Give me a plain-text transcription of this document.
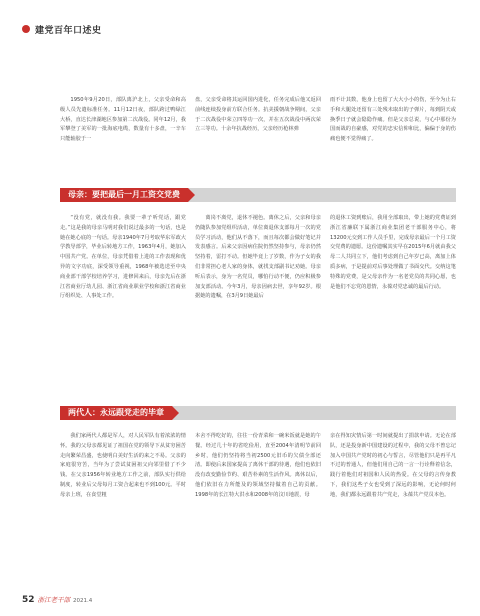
建党百年口述史

1950年9月20日，部队离沪北上，父亲受命和高级人员先遣标准任务。11月12日夜，部队跨过鸭绿江大桥，直达长津湖地区参加第二次战役。同年12月，我军攀登了美军的一批海底电缆，数量有十多盘，一辛车只能轴胶于一

盘，父亲受命将其运回国内进化，任务完成后他又返回前线连续投身前方联合任务。抗美援朝战争期间，父亲于二次战役中荣立四等功一次，并在五次战役中两次荣立三等功。十余年抗战经历，父亲经历枪林弹

雨不计其数，他身上也留了大大小小的伤，至今为止右手和大腿处还留有三处残未取出的子弹片，每到阴天或换季日子就会隐隐作痛。但是父亲总说，与心中那份为国而战的自豪感，对党的忠实信仰和比，偏偏于身的伤痛也便不觉得痛了。

母亲：要把最后一月工资交党费

“没有党，就没有我。我要一辈子听党话，跟党走。”这是我的母亲马明对我们说过最多的一句话，也是她在她心底的一句话。母亲1940年7月考取华东军政大学教导部学，毕业后转地方工作，1963年4月，她加入中国共产党。在单位，母亲凭借着上进的工作表现和优异的文字功底，深受领导重视，1968年被选送至中央商业部干部学校培养学习，进修回来后，母亲先后在浙江省商业厅幼儿园、浙江省商业职业学校和浙江省商业厅组织处、人事处工作。

离岗不离党，退休不褪色。离休之后，父亲和母亲仍随队参加党组织活动，单位离退休支部每月一次的党员学习活动，他们从不落下，而且每次都会做好笔记并发表感言。后来父亲因病住院仍然坚持参与，母亲仍然坚持着，雷打不动。但她毕竟上了岁数，作为子女的我们非常担心老人家的身体，就找支部副书记劝她。母亲听后表示，身为一名党员，哪怕行动不便，仍应积极参加支部活动。今年3月，母亲因病去世，享年92岁。根据她的遗嘱，在3月9日她最后

的退休工资到账后，我用全部取出，带上她的党费证到浙江省廉联下属浙江商业集团老干部服务中心，将13200元交到工作人员手里，完成母亲最后一个月工资交党费的遗愿。这份遗嘱其实早在2015年6月就由我父母二人共同立下，他们考虑到自己年岁已高，离加上体质多病，于是提前对后事处理做了书面交代。交纳这笔特殊的党费，是父母亲作为一名老党员的共同心愿，也是他们不忘党的恩情，永葆对党忠诚的最后行动。

两代人：永远跟党走的毕章

我们家两代人都是军人，对人民军队有着浓浓的情怀。我的父母亲都见证了祖国在党的领导下从贫穷困苦走向繁荣昌盛，也使明白美好生活的来之不易。父亲的家庭很穷苦，当年为了尝试贫困祖父向邻里借了不少钱。在父亲1956年转业地方工作之前，部队实行供给制度，转业后父母每月工资合起来也不到100元。平时母亲上班，在食堂粗

本舍不得吃好的，往往一份青菜和一碗米饭就是她的午餐。经过几十年的省吃俭用，直至2004年清明节前回乡时，他们仍坚持将当初2500元旧币的欠债全部还清。即使后来国家提高了离休干部的待遇，他们也依旧没有改变勤俭节约、艰苦朴素的生活作风。离休以后，他们依旧在力所能及的领域坚持做着自己的贡献。1998年的长江特大洪水和2008年的汶川地震，母

亲在得知灾情后第一时间就提出了捐款申请。无论在部队，还是投身新中国建设的过程中，我的父母不曾忘记加入中国共产党时的初心与誓言，尽管他们只是再平凡不过的普通人，但他们用自己的一言一行诠释着信念，践行着他们对祖国和人民的热爱。在父母的言传身教下，我们这些子女也受到了深远的影响，无论何时何地，我们都永远跟着共产党走，永葆共产党员本色。

52 浙江老干部 2021.4
